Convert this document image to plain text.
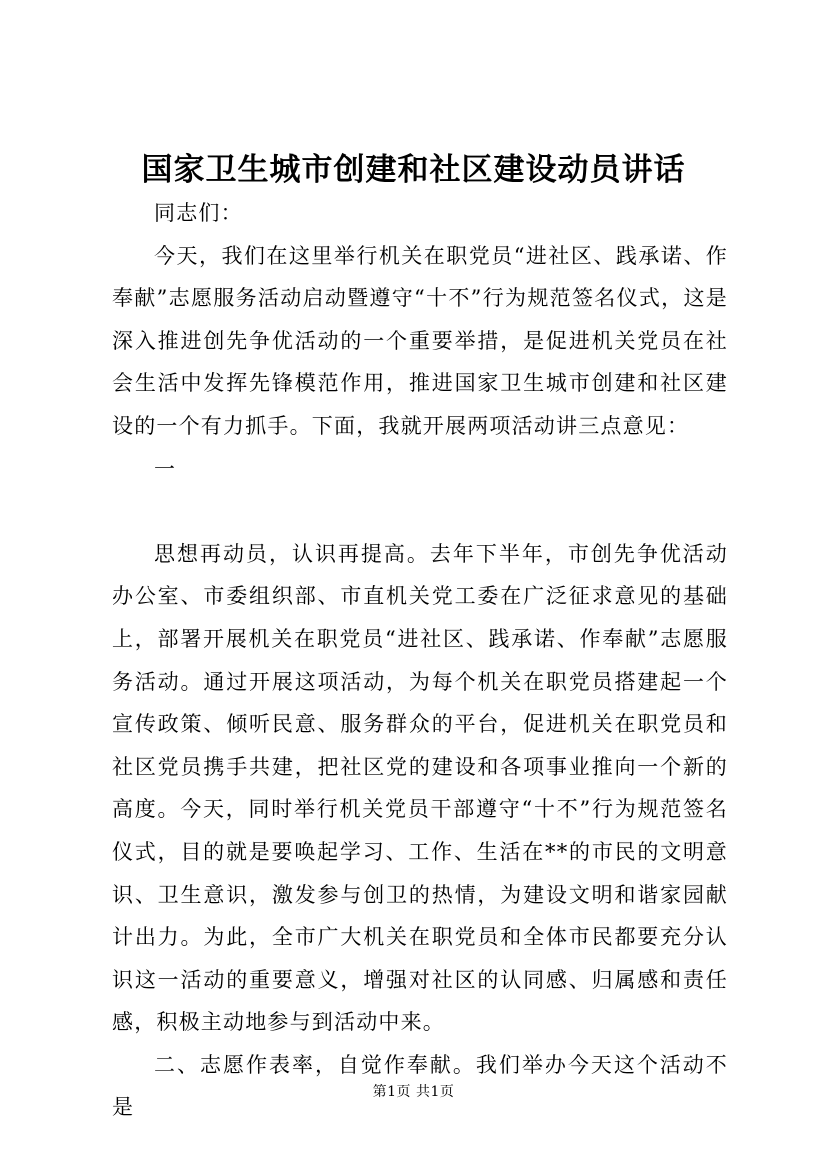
国家卫生城市创建和社区建设动员讲话

同志们：

今天，我们在这里举行机关在职党员“进社区、践承诺、作奉献”志愿服务活动启动暨遵守“十不”行为规范签名仪式，这是深入推进创先争优活动的一个重要举措，是促进机关党员在社会生活中发挥先锋模范作用，推进国家卫生城市创建和社区建设的一个有力抓手。下面，我就开展两项活动讲三点意见：

一

思想再动员，认识再提高。去年下半年，市创先争优活动办公室、市委组织部、市直机关党工委在广泛征求意见的基础上，部署开展机关在职党员“进社区、践承诺、作奉献”志愿服务活动。通过开展这项活动，为每个机关在职党员搭建起一个宣传政策、倾听民意、服务群众的平台，促进机关在职党员和社区党员携手共建，把社区党的建设和各项事业推向一个新的高度。今天，同时举行机关党员干部遵守“十不”行为规范签名仪式，目的就是要唤起学习、工作、生活在**的市民的文明意识、卫生意识，激发参与创卫的热情，为建设文明和谐家园献计出力。为此，全市广大机关在职党员和全体市民都要充分认识这一活动的重要意义，增强对社区的认同感、归属感和责任感，积极主动地参与到活动中来。

二、志愿作表率，自觉作奉献。我们举办今天这个活动不是

第1页 共1页
